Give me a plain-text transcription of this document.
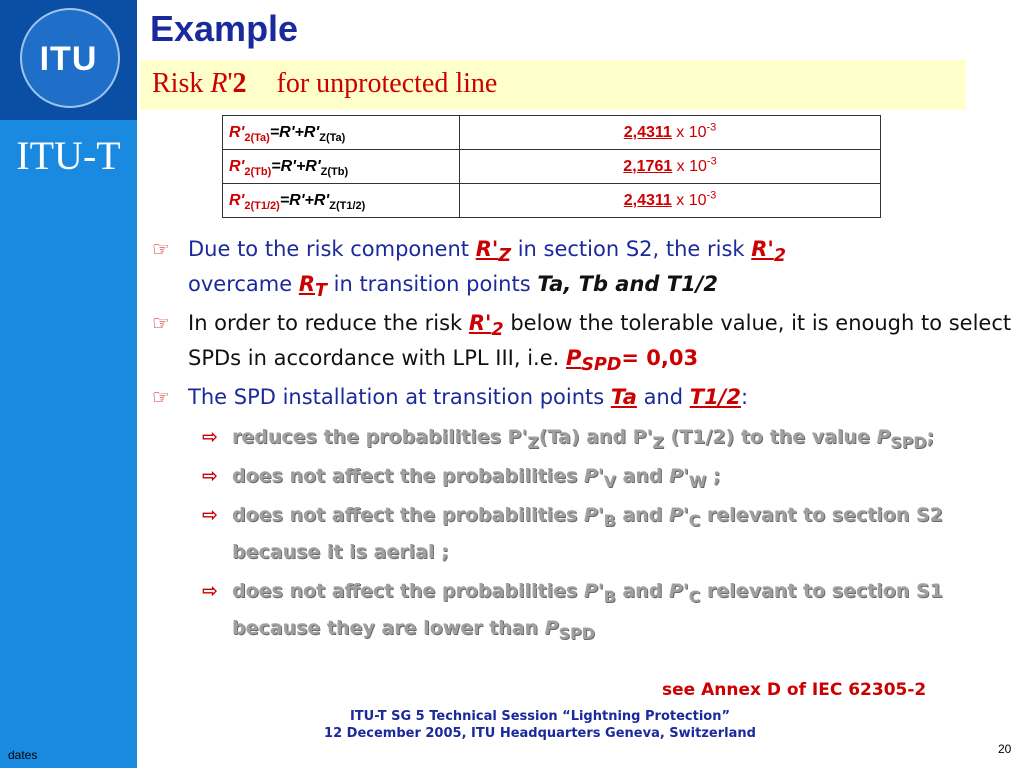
ITU
ITU-T
dates
Example
Risk R'2 for unprotected line
$R'_{2(Ta)}=R'+R'_{Z(Ta)}$	2,4311 x $10^{-3}$
$R'_{2(Tb)}=R'+R'_{Z(Tb)}$	2,1761 x $10^{-3}$
$R'_{2(T1/2)}=R'+R'_{Z(T1/2)}$	2,4311 x $10^{-3}$
☞ Due to the risk component $R'_Z$ in section S2, the risk $R'_2$
overcame $R_T$ in transition points Ta, Tb and T1/2
☞ In order to reduce the risk $R'_2$ below the tolerable value, it is enough to select SPDs in accordance with LPL III, i.e. $P_{SPD}= 0,03$
☞ The SPD installation at transition points Ta and T1/2:
⇨ reduces the probabilities $P'_Z(Ta)$ and $P'_Z$ (T1/2) to the value $P_{SPD}$;
⇨ does not affect the probabilities $P'_V$ and $P'_W$ ;
⇨ does not affect the probabilities $P'_B$ and $P'_C$ relevant to section S2 because it is aerial ;
⇨ does not affect the probabilities $P'_B$ and $P'_C$ relevant to section S1 because they are lower than $P_{SPD}$
see Annex D of IEC 62305-2
ITU-T SG 5 Technical Session “Lightning Protection”
12 December 2005, ITU Headquarters Geneva, Switzerland
20
